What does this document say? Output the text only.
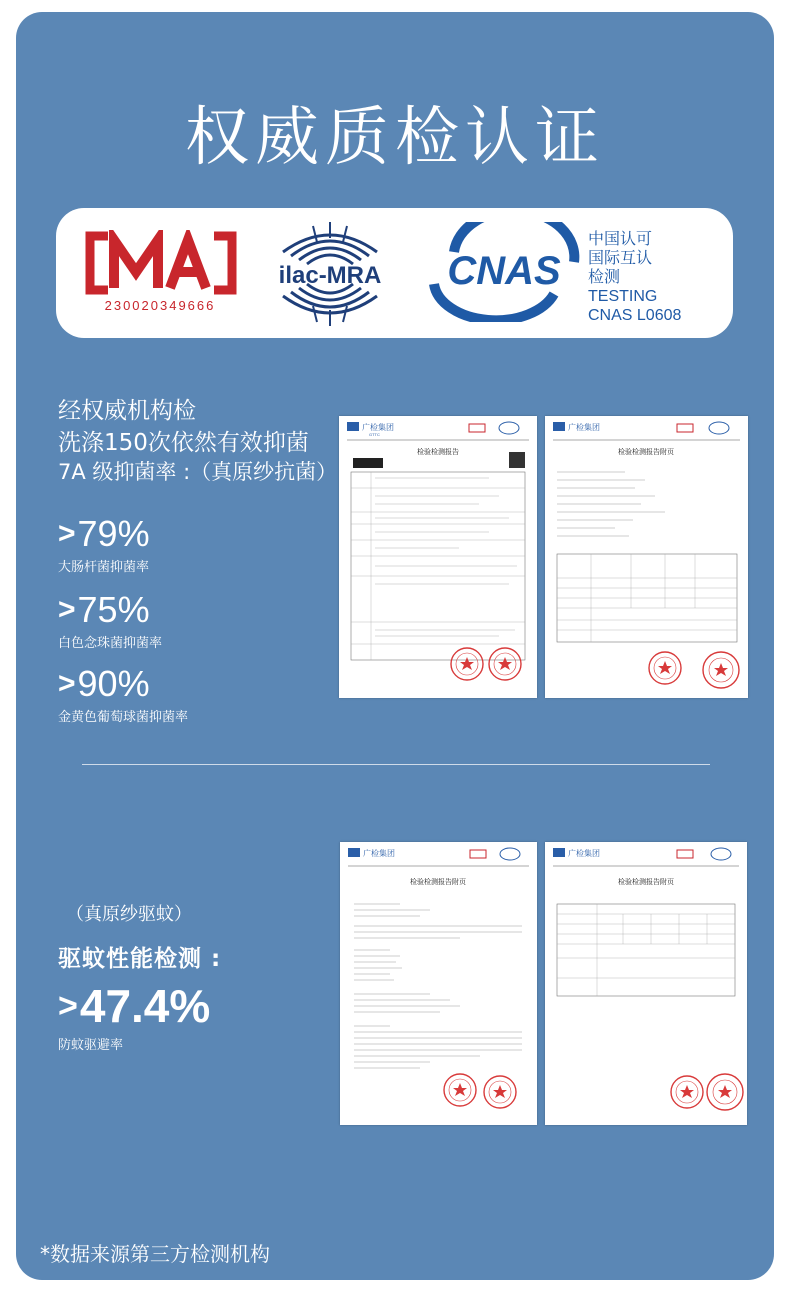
权威质检认证
230020349666
ilac-MRA CNAS
中国认可
国际互认
检测
TESTING
CNAS L0608
经权威机构检
洗涤150次依然有效抑菌
7A 级抑菌率 :（真原纱抗菌）
> 79%
大肠杆菌抑菌率
> 75%
白色念珠菌抑菌率
> 90%
金黄色葡萄球菌抑菌率
广检集团
GTTC
检验检测报告
广检集团
检验检测报告附页
（真原纱驱蚊）
驱蚊性能检测 :
> 47.4%
防蚊驱避率
广检集团
检验检测报告附页
广检集团
检验检测报告附页
*数据来源第三方检测机构
